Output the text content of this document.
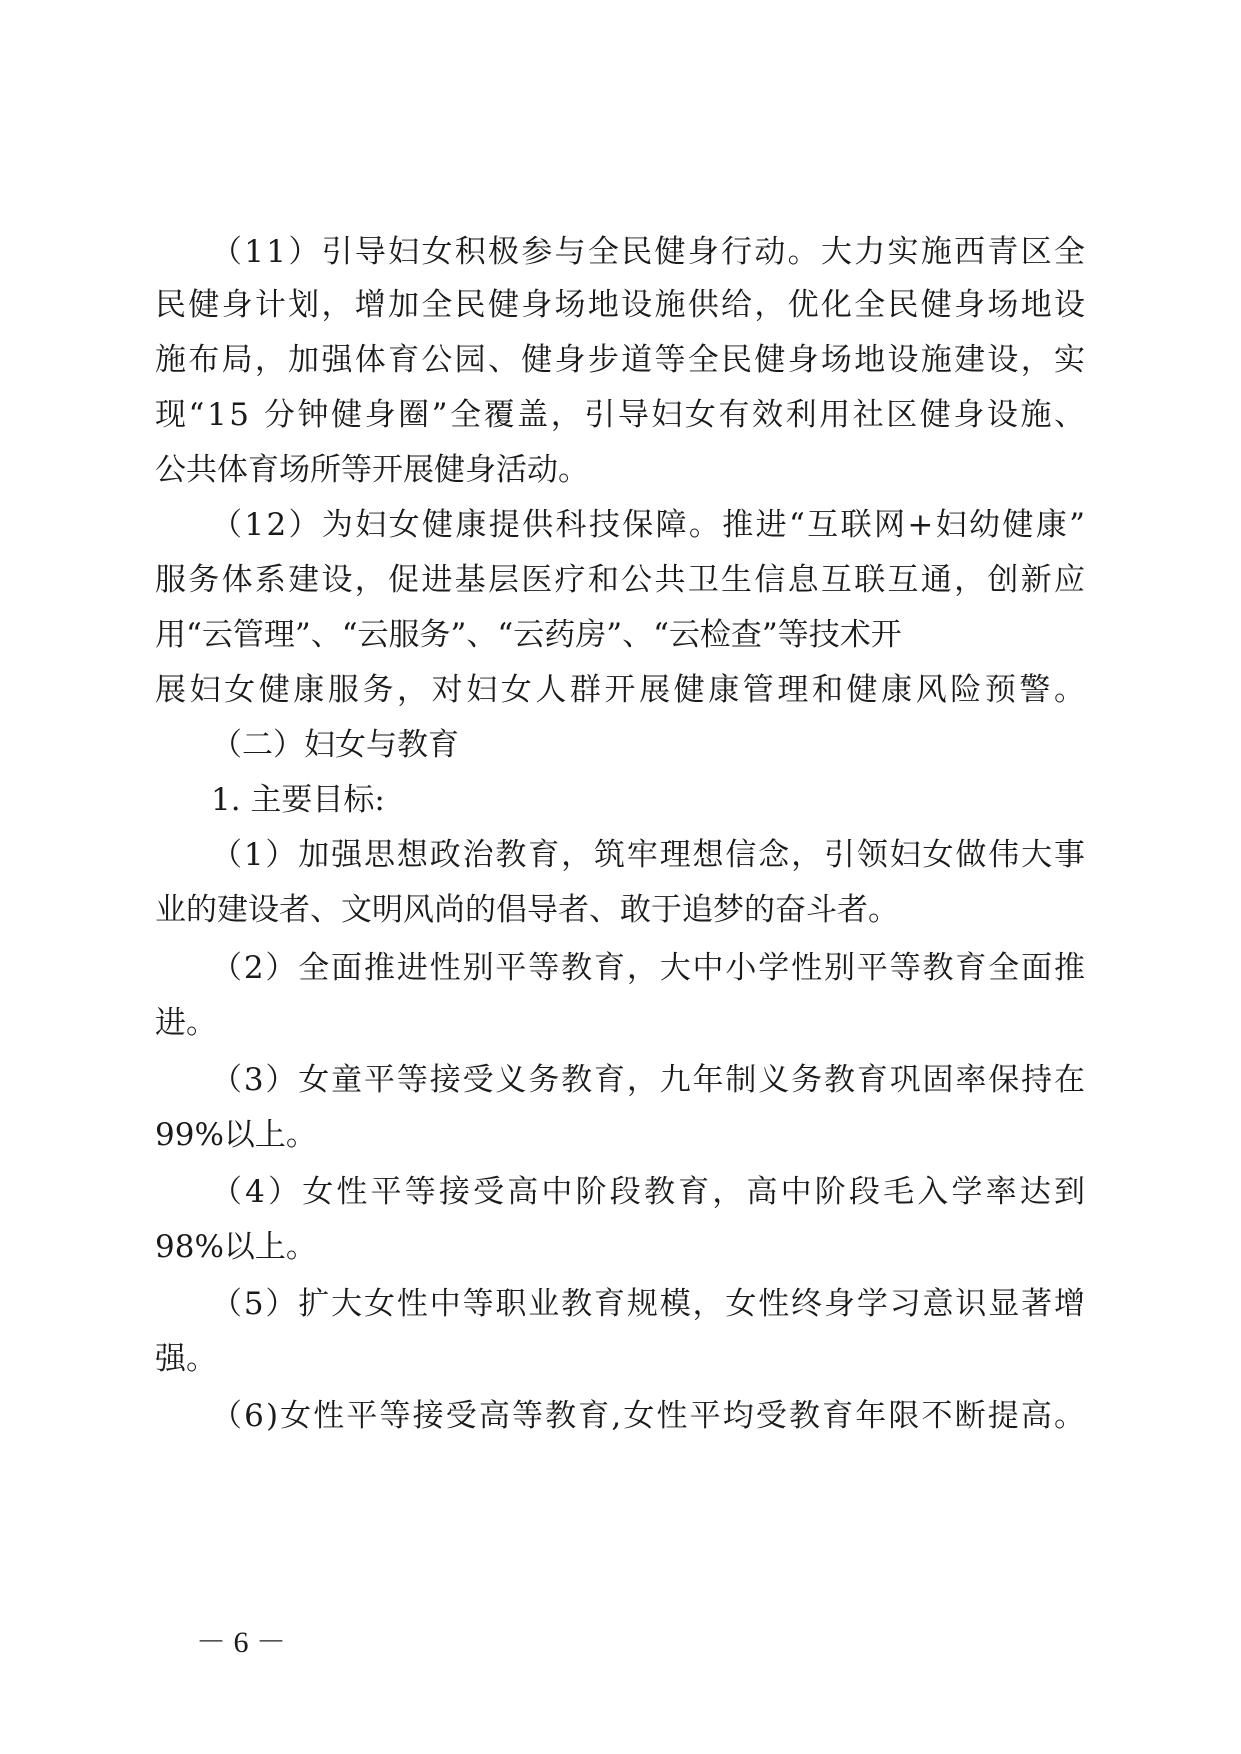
（11）引导妇女积极参与全民健身行动。大力实施西青区全
民健身计划，增加全民健身场地设施供给，优化全民健身场地设
施布局，加强体育公园、健身步道等全民健身场地设施建设，实
现“15 分钟健身圈”全覆盖，引导妇女有效利用社区健身设施、
公共体育场所等开展健身活动。
（12）为妇女健康提供科技保障。推进“互联网+妇幼健康”
服务体系建设，促进基层医疗和公共卫生信息互联互通，创新应
用“云管理”、“云服务”、“云药房”、“云检查”等技术开
展妇女健康服务，对妇女人群开展健康管理和健康风险预警。
（二）妇女与教育
1. 主要目标:
（1）加强思想政治教育，筑牢理想信念，引领妇女做伟大事
业的建设者、文明风尚的倡导者、敢于追梦的奋斗者。
（2）全面推进性别平等教育，大中小学性别平等教育全面推
进。
（3）女童平等接受义务教育，九年制义务教育巩固率保持在
99%以上。
（4）女性平等接受高中阶段教育，高中阶段毛入学率达到
98%以上。
（5）扩大女性中等职业教育规模，女性终身学习意识显著增
强。
（6)女性平等接受高等教育,女性平均受教育年限不断提高。
－ 6 －
